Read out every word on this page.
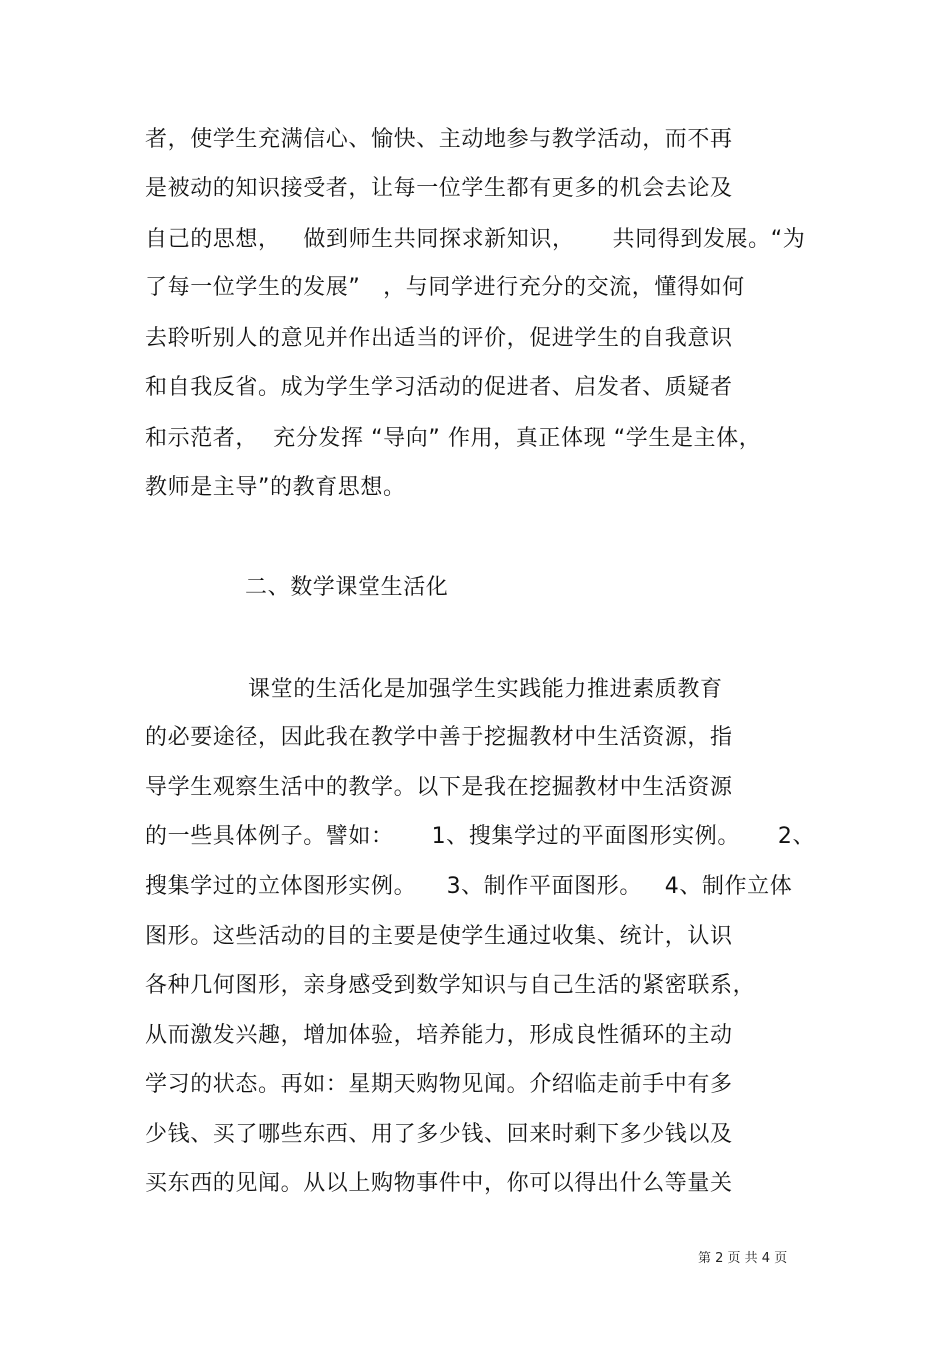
者，使学生充满信心、愉快、主动地参与教学活动，而不再
是被动的知识接受者，让每一位学生都有更多的机会去论及
自己的思想，   做到师生共同探求新知识，     共同得到发展。“为
了每一位学生的发展”   ，与同学进行充分的交流，懂得如何
去聆听别人的意见并作出适当的评价，促进学生的自我意识
和自我反省。成为学生学习活动的促进者、启发者、质疑者
和示范者，  充分发挥 “导向” 作用，真正体现 “学生是主体，
教师是主导”的教育思想。
二、数学课堂生活化
课堂的生活化是加强学生实践能力推进素质教育
的必要途径，因此我在教学中善于挖掘教材中生活资源，指
导学生观察生活中的教学。以下是我在挖掘教材中生活资源
的一些具体例子。譬如：     1、搜集学过的平面图形实例。     2、
搜集学过的立体图形实例。    3、制作平面图形。   4、制作立体
图形。这些活动的目的主要是使学生通过收集、统计，认识
各种几何图形，亲身感受到数学知识与自己生活的紧密联系，
从而激发兴趣，增加体验，培养能力，形成良性循环的主动
学习的状态。再如：星期天购物见闻。介绍临走前手中有多
少钱、买了哪些东西、用了多少钱、回来时剩下多少钱以及
买东西的见闻。从以上购物事件中，你可以得出什么等量关
第 2 页 共 4 页
